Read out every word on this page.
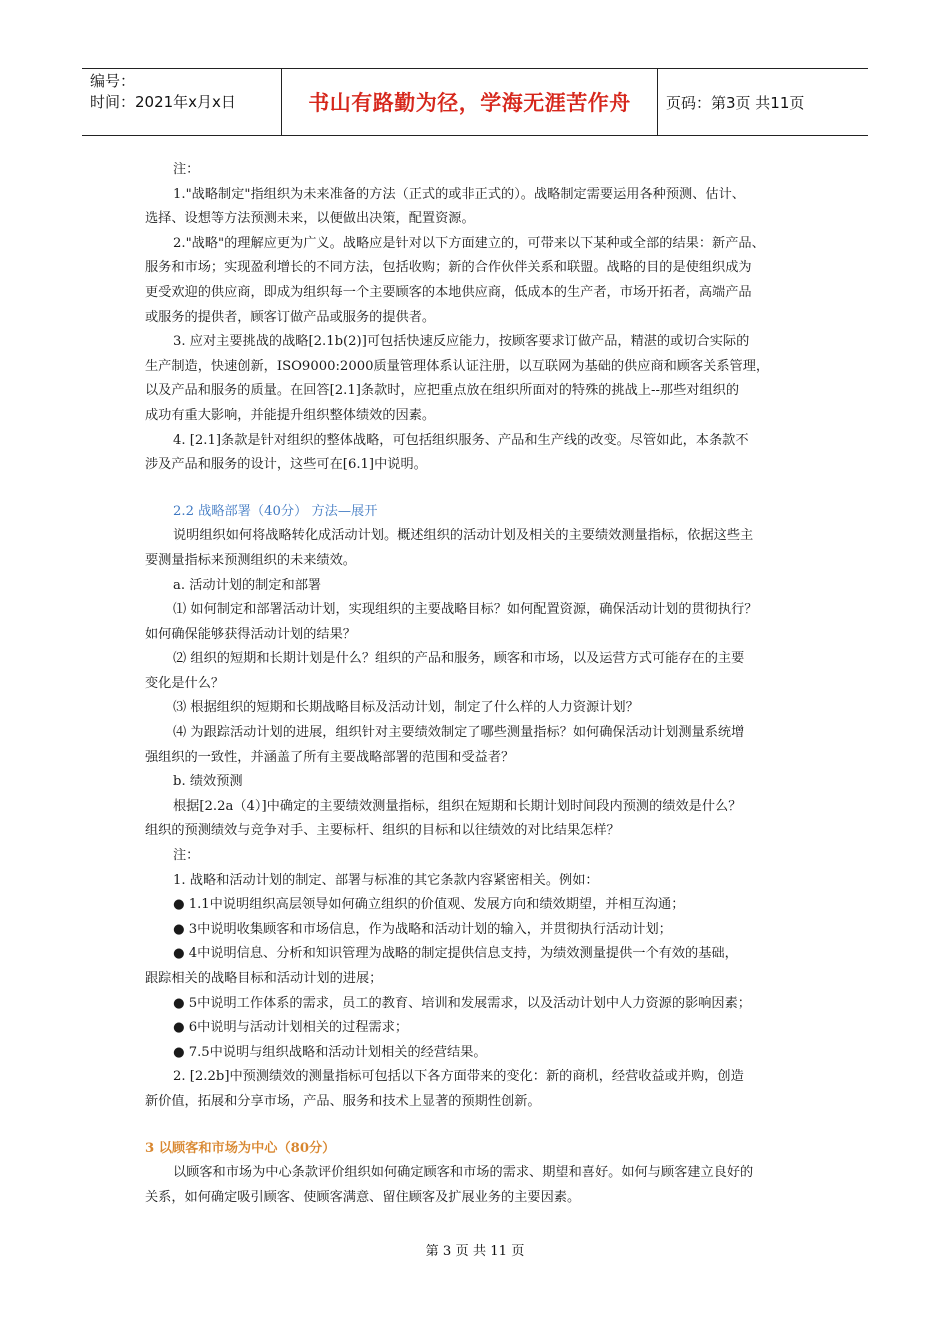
编号：
时间：2021年x月x日	书山有路勤为径，学海无涯苦作舟	页码：第3页 共11页
注：
1."战略制定"指组织为未来准备的方法（正式的或非正式的）。战略制定需要运用各种预测、估计、
选择、设想等方法预测未来，以便做出决策，配置资源。
2."战略"的理解应更为广义。战略应是针对以下方面建立的，可带来以下某种或全部的结果：新产品、
服务和市场；实现盈利增长的不同方法，包括收购；新的合作伙伴关系和联盟。战略的目的是使组织成为
更受欢迎的供应商，即成为组织每一个主要顾客的本地供应商，低成本的生产者，市场开拓者，高端产品
或服务的提供者，顾客订做产品或服务的提供者。
3. 应对主要挑战的战略[2.1b(2)]可包括快速反应能力，按顾客要求订做产品，精湛的或切合实际的
生产制造，快速创新，ISO9000:2000质量管理体系认证注册，以互联网为基础的供应商和顾客关系管理，
以及产品和服务的质量。在回答[2.1]条款时，应把重点放在组织所面对的特殊的挑战上--那些对组织的
成功有重大影响，并能提升组织整体绩效的因素。
4. [2.1]条款是针对组织的整体战略，可包括组织服务、产品和生产线的改变。尽管如此，本条款不
涉及产品和服务的设计，这些可在[6.1]中说明。
2.2 战略部署（40分） 方法—展开
说明组织如何将战略转化成活动计划。概述组织的活动计划及相关的主要绩效测量指标，依据这些主
要测量指标来预测组织的未来绩效。
a. 活动计划的制定和部署
⑴ 如何制定和部署活动计划，实现组织的主要战略目标？如何配置资源，确保活动计划的贯彻执行？
如何确保能够获得活动计划的结果？
⑵ 组织的短期和长期计划是什么？组织的产品和服务，顾客和市场，以及运营方式可能存在的主要
变化是什么？
⑶ 根据组织的短期和长期战略目标及活动计划，制定了什么样的人力资源计划？
⑷ 为跟踪活动计划的进展，组织针对主要绩效制定了哪些测量指标？如何确保活动计划测量系统增
强组织的一致性，并涵盖了所有主要战略部署的范围和受益者？
b. 绩效预测
根据[2.2a（4）]中确定的主要绩效测量指标，组织在短期和长期计划时间段内预测的绩效是什么？
组织的预测绩效与竞争对手、主要标杆、组织的目标和以往绩效的对比结果怎样？
注：
1. 战略和活动计划的制定、部署与标准的其它条款内容紧密相关。例如：
● 1.1中说明组织高层领导如何确立组织的价值观、发展方向和绩效期望，并相互沟通；
● 3中说明收集顾客和市场信息，作为战略和活动计划的输入，并贯彻执行活动计划；
● 4中说明信息、分析和知识管理为战略的制定提供信息支持，为绩效测量提供一个有效的基础，
跟踪相关的战略目标和活动计划的进展；
● 5中说明工作体系的需求，员工的教育、培训和发展需求，以及活动计划中人力资源的影响因素；
● 6中说明与活动计划相关的过程需求；
● 7.5中说明与组织战略和活动计划相关的经营结果。
2. [2.2b]中预测绩效的测量指标可包括以下各方面带来的变化：新的商机，经营收益或并购，创造
新价值，拓展和分享市场，产品、服务和技术上显著的预期性创新。
3 以顾客和市场为中心（80分）
以顾客和市场为中心条款评价组织如何确定顾客和市场的需求、期望和喜好。如何与顾客建立良好的
关系，如何确定吸引顾客、使顾客满意、留住顾客及扩展业务的主要因素。
第 3 页 共 11 页
